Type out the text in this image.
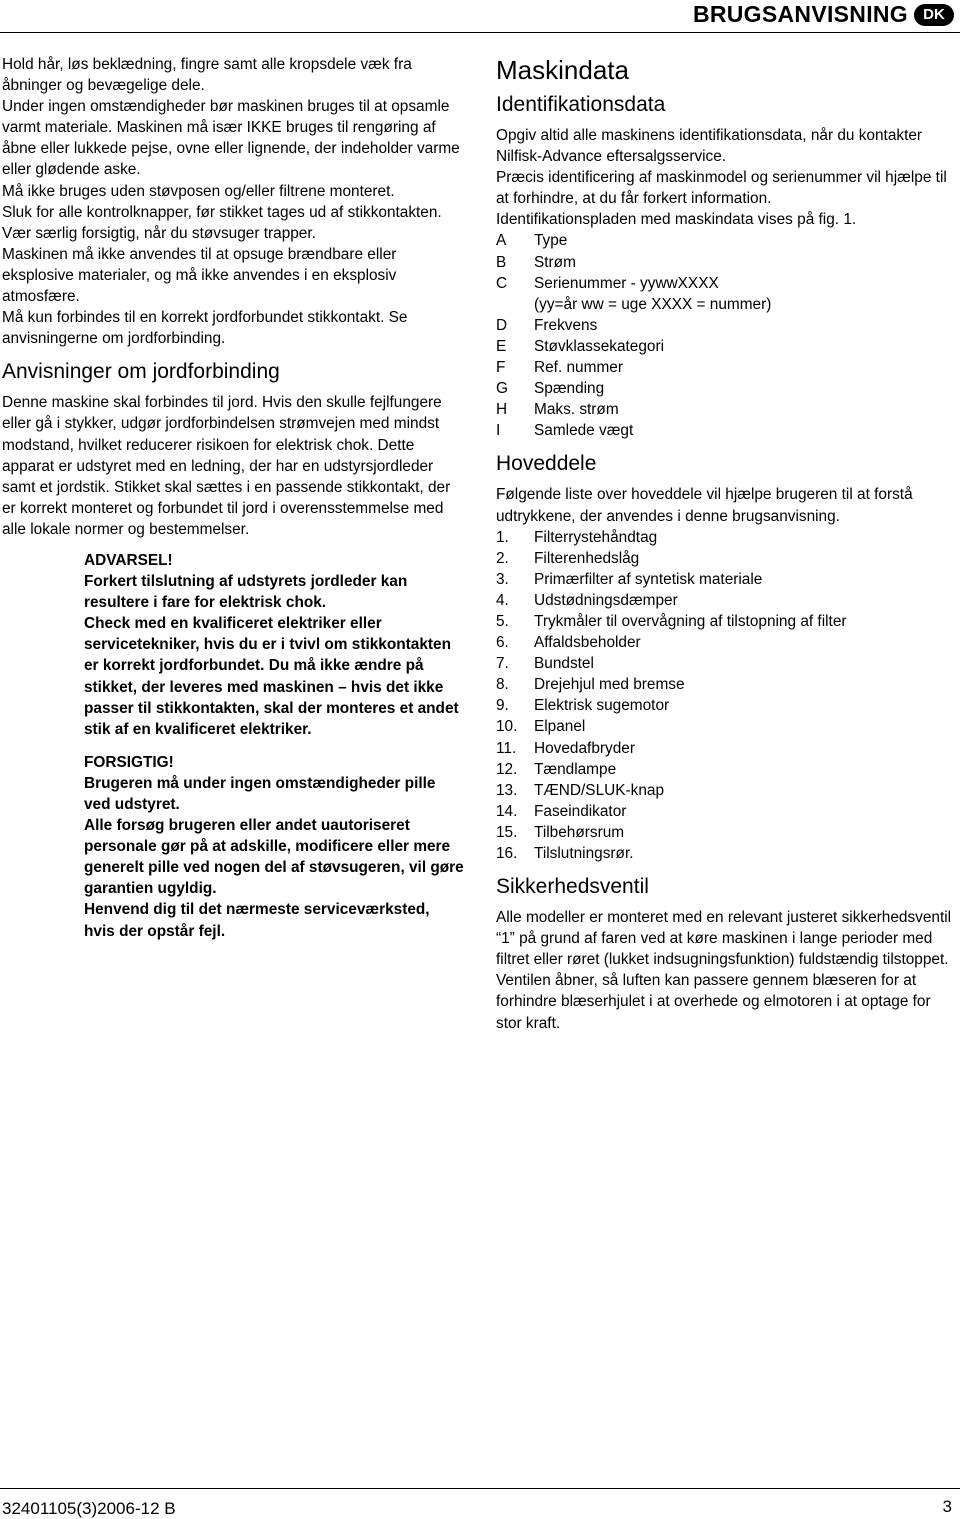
BRUGSANVISNING	DK

Hold hår, løs beklædning, fingre samt alle kropsdele væk fra åbninger og bevægelige dele.

Under ingen omstændigheder bør maskinen bruges til at opsamle varmt materiale. Maskinen må især IKKE bruges til rengøring af åbne eller lukkede pejse, ovne eller lignende, der indeholder varme eller glødende aske.

Må ikke bruges uden støvposen og/eller filtrene monteret.

Sluk for alle kontrolknapper, før stikket tages ud af stikkontakten.

Vær særlig forsigtig, når du støvsuger trapper.

Maskinen må ikke anvendes til at opsuge brændbare eller eksplosive materialer, og må ikke anvendes i en eksplosiv atmosfære.

Må kun forbindes til en korrekt jordforbundet stikkontakt. Se anvisningerne om jordforbinding.

Anvisninger om jordforbinding

Denne maskine skal forbindes til jord. Hvis den skulle fejlfungere eller gå i stykker, udgør jordforbindelsen strømvejen med mindst modstand, hvilket reducerer risikoen for elektrisk chok. Dette apparat er udstyret med en ledning, der har en udstyrsjordleder samt et jordstik. Stikket skal sættes i en passende stikkontakt, der er korrekt monteret og forbundet til jord i overensstemmelse med alle lokale normer og bestemmelser.

ADVARSEL!

Forkert tilslutning af udstyrets jordleder kan resultere i fare for elektrisk chok.

Check med en kvalificeret elektriker eller servicetekniker, hvis du er i tvivl om stikkontakten er korrekt jordforbundet. Du må ikke ændre på stikket, der leveres med maskinen – hvis det ikke passer til stikkontakten, skal der monteres et andet stik af en kvalificeret elektriker.

FORSIGTIG!

Brugeren må under ingen omstændigheder pille ved udstyret.

Alle forsøg brugeren eller andet uautoriseret personale gør på at adskille, modificere eller mere generelt pille ved nogen del af støvsugeren, vil gøre garantien ugyldig.

Henvend dig til det nærmeste serviceværksted, hvis der opstår fejl.

Maskindata
Identifikationsdata

Opgiv altid alle maskinens identifikationsdata, når du kontakter Nilfisk-Advance eftersalgsservice.

Præcis identificering af maskinmodel og serienummer vil hjælpe til at forhindre, at du får forkert information.

Identifikationspladen med maskindata vises på fig. 1.

A	Type
B	Strøm
C	Serienummer - yywwXXXX
(yy=år ww = uge XXXX = nummer)
D	Frekvens
E	Støvklassekategori
F	Ref. nummer
G	Spænding
H	Maks. strøm
I	Samlede vægt
Hoveddele

Følgende liste over hoveddele vil hjælpe brugeren til at forstå udtrykkene, der anvendes i denne brugsanvisning.

1.	Filterrystehåndtag
2.	Filterenhedslåg
3.	Primærfilter af syntetisk materiale
4.	Udstødningsdæmper
5.	Trykmåler til overvågning af tilstopning af filter
6.	Affaldsbeholder
7.	Bundstel
8.	Drejehjul med bremse
9.	Elektrisk sugemotor
10.	Elpanel
11.	Hovedafbryder
12.	Tændlampe
13.	TÆND/SLUK-knap
14.	Faseindikator
15.	Tilbehørsrum
16.	Tilslutningsrør.
Sikkerhedsventil

Alle modeller er monteret med en relevant justeret sikkerhedsventil “1” på grund af faren ved at køre maskinen i lange perioder med filtret eller røret (lukket indsugningsfunktion) fuldstændig tilstoppet.

Ventilen åbner, så luften kan passere gennem blæseren for at forhindre blæserhjulet i at overhede og elmotoren i at optage for stor kraft.

32401105(3)2006-12 B	3
